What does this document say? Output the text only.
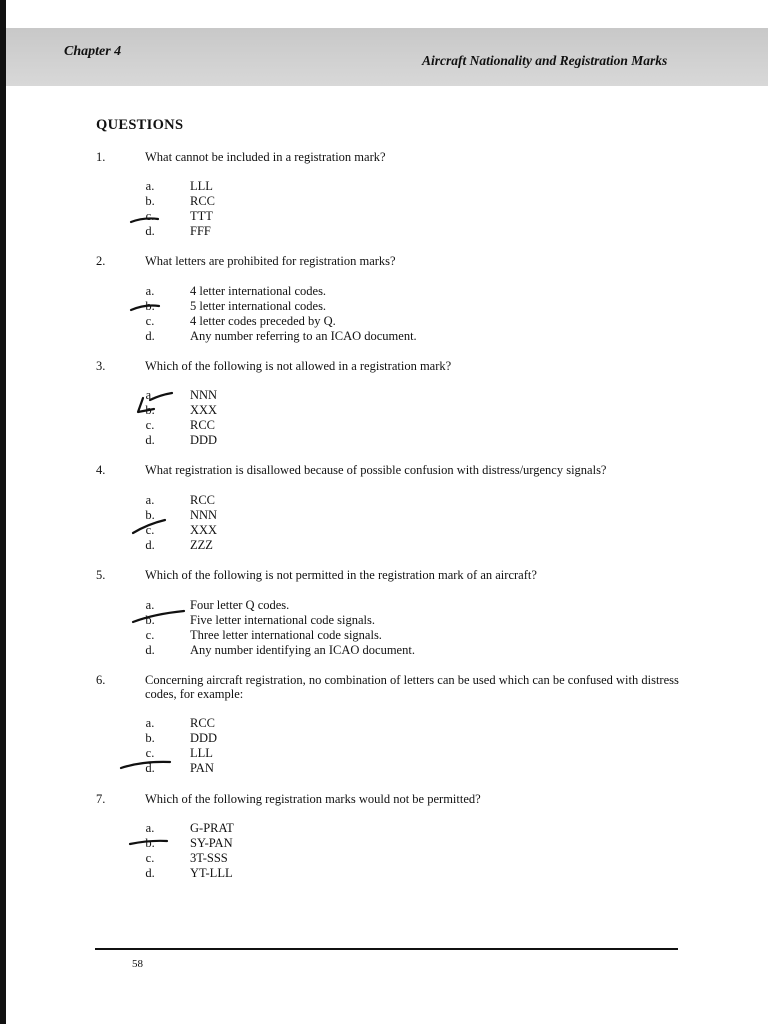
Chapter 4
Aircraft Nationality and Registration Marks
QUESTIONS
1.	What cannot be included in a registration mark?
a.	LLL
b.	RCC
c.	TTT
d.	FFF
2.	What letters are prohibited for registration marks?
a.	4 letter international codes.
b.	5 letter international codes.
c.	4 letter codes preceded by Q.
d.	Any number referring to an ICAO document.
3.	Which of the following is not allowed in a registration mark?
a.	NNN
b.	XXX
c.	RCC
d.	DDD
4.	What registration is disallowed because of possible confusion with distress/urgency signals?
a.	RCC
b.	NNN
c.	XXX
d.	ZZZ
5.	Which of the following is not permitted in the registration mark of an aircraft?
a.	Four letter Q codes.
b.	Five letter international code signals.
c.	Three letter international code signals.
d.	Any number identifying an ICAO document.
6.	Concerning aircraft registration, no combination of letters can be used which can be confused with distress codes, for example:
a.	RCC
b.	DDD
c.	LLL
d.	PAN
7.	Which of the following registration marks would not be permitted?
a.	G-PRAT
b.	SY-PAN
c.	3T-SSS
d.	YT-LLL
58
